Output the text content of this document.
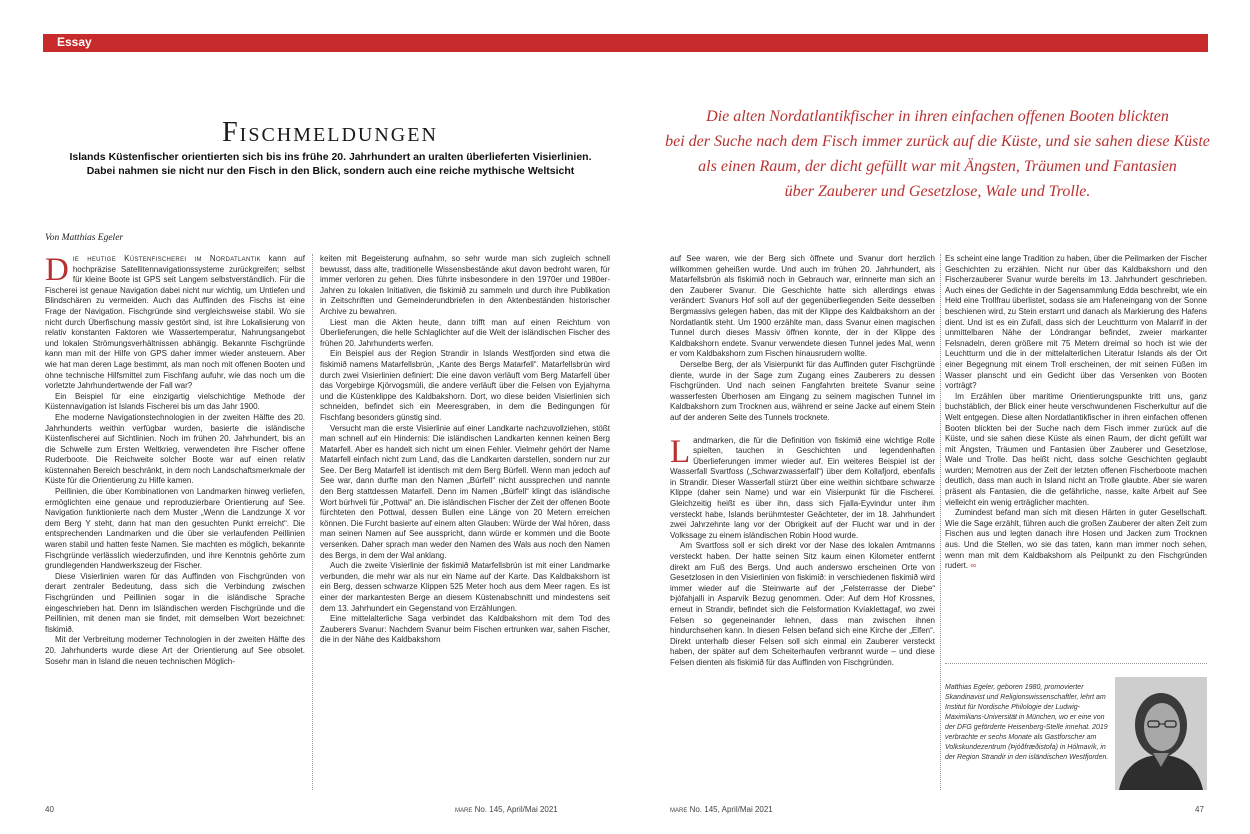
Essay
Fischmeldungen
Islands Küstenfischer orientierten sich bis ins frühe 20. Jahrhundert an uralten überlieferten Visierlinien.
Dabei nahmen sie nicht nur den Fisch in den Blick, sondern auch eine reiche mythische Weltsicht
Von Matthias Egeler
Die alten Nordatlantikfischer in ihren einfachen offenen Booten blickten
bei der Suche nach dem Fisch immer zurück auf die Küste, und sie sahen diese Küste
als einen Raum, der dicht gefüllt war mit Ängsten, Träumen und Fantasien
über Zauberer und Gesetzlose, Wale und Trolle.

Die heutige Küstenfischerei im Nordatlantik kann auf hochpräzise Satellitennavigationssysteme zurückgreifen; selbst für kleine Boote ist GPS seit Langem selbstverständlich. Für die Fischerei ist genaue Navigation dabei nicht nur wichtig, um Untiefen und Blindschären zu vermeiden. Auch das Auffinden des Fischs ist eine Frage der Navigation. Fischgründe sind vergleichsweise stabil. Wo sie nicht durch Überfischung massiv gestört sind, ist ihre Lokalisierung von relativ konstanten Faktoren wie Wassertemperatur, Nahrungsangebot und lokalen Strömungsverhältnissen abhängig. Bekannte Fischgründe kann man mit der Hilfe von GPS daher immer wieder ansteuern. Aber wie hat man deren Lage bestimmt, als man noch mit offenen Booten und ohne technische Hilfsmittel zum Fischfang aufuhr, wie das noch um die vorletzte Jahrhundertwende der Fall war?

Ein Beispiel für eine einzigartig vielschichtige Methode der Küstennavigation ist Islands Fischerei bis um das Jahr 1900.

Ehe moderne Navigationstechnologien in der zweiten Hälfte des 20. Jahrhunderts weithin verfügbar wurden, basierte die isländische Küstenfischerei auf Sichtlinien. Noch im frühen 20. Jahrhundert, bis an die Schwelle zum Ersten Weltkrieg, verwendeten ihre Fischer offene Ruderboote. Die Reichweite solcher Boote war auf einen relativ küstennahen Bereich beschränkt, in dem noch Landschaftsmerkmale der Küste für die Orientierung zu Hilfe kamen.

Peillinien, die über Kombinationen von Landmarken hinweg verliefen, ermöglichten eine genaue und reproduzierbare Orientierung auf See. Navigation funktionierte nach dem Muster „Wenn die Landzunge X vor dem Berg Y steht, dann hat man den gesuchten Punkt erreicht“. Die entsprechenden Landmarken und die über sie verlaufenden Peillinien waren stabil und hatten feste Namen. Sie machten es möglich, bekannte Fischgründe verlässlich wiederzufinden, und ihre Kenntnis gehörte zum grundlegenden Handwerkszeug der Fischer.

Diese Visierlinien waren für das Auffinden von Fischgründen von derart zentraler Bedeutung, dass sich die Verbindung zwischen Fischgründen und Peillinien sogar in die isländische Sprache eingeschrieben hat. Denn im Isländischen werden Fischgründe und die Peillinien, mit denen man sie findet, mit demselben Wort bezeichnet: fiskimið.

Mit der Verbreitung moderner Technologien in der zweiten Hälfte des 20. Jahrhunderts wurde diese Art der Orientierung auf See obsolet. Sosehr man in Island die neuen technischen Möglich-

keiten mit Begeisterung aufnahm, so sehr wurde man sich zugleich schnell bewusst, dass alte, traditionelle Wissensbestände akut davon bedroht waren, für immer verloren zu gehen. Dies führte insbesondere in den 1970er und 1980er-Jahren zu lokalen Initiativen, die fiskimið zu sammeln und durch ihre Publikation in Zeitschriften und Gemeinderundbriefen in den Aktenbeständen historischer Archive zu bewahren.

Liest man die Akten heute, dann trifft man auf einen Reichtum von Überlieferungen, die helle Schlaglichter auf die Welt der isländischen Fischer des frühen 20. Jahrhunderts werfen.

Ein Beispiel aus der Region Strandir in Islands Westfjorden sind etwa die fiskimið namens Matarfellsbrún, „Kante des Bergs Matarfell“. Matarfellsbrún wird durch zwei Visierlinien definiert: Die eine davon verläuft vom Berg Matarfell über das Vorgebirge Kjörvogsmúli, die andere verläuft über die Felsen von Eyjahyrna und die Küstenklippe des Kaldbakshorn. Dort, wo diese beiden Visierlinien sich schneiden, befindet sich ein Meeresgraben, in dem die Bedingungen für Fischfang besonders günstig sind.

Versucht man die erste Visierlinie auf einer Landkarte nachzuvollziehen, stößt man schnell auf ein Hindernis: Die isländischen Landkarten kennen keinen Berg Matarfell. Aber es handelt sich nicht um einen Fehler. Vielmehr gehört der Name Matarfell einfach nicht zum Land, das die Landkarten darstellen, sondern nur zur See. Der Berg Matarfell ist identisch mit dem Berg Búrfell. Wenn man jedoch auf See war, dann durfte man den Namen „Búrfell“ nicht aussprechen und nannte den Berg stattdessen Matarfell. Denn im Namen „Búrfell“ klingt das isländische Wort búrhveli für „Pottwal“ an. Die isländischen Fischer der Zeit der offenen Boote fürchteten den Pottwal, dessen Bullen eine Länge von 20 Metern erreichen können. Die Furcht basierte auf einem alten Glauben: Würde der Wal hören, dass man seinen Namen auf See ausspricht, dann würde er kommen und die Boote versenken. Daher sprach man weder den Namen des Wals aus noch den Namen des Bergs, in dem der Wal anklang.

Auch die zweite Visierlinie der fiskimið Matarfellsbrún ist mit einer Landmarke verbunden, die mehr war als nur ein Name auf der Karte. Das Kaldbakshorn ist ein Berg, dessen schwarze Klippen 525 Meter hoch aus dem Meer ragen. Es ist einer der markantesten Berge an diesem Küstenabschnitt und mindestens seit dem 13. Jahrhundert ein Gegenstand von Erzählungen.

Eine mittelalterliche Saga verbindet das Kaldbakshorn mit dem Tod des Zauberers Svanur: Nachdem Svanur beim Fischen ertrunken war, sahen Fischer, die in der Nähe des Kaldbakshorn

auf See waren, wie der Berg sich öffnete und Svanur dort herzlich willkommen geheißen wurde. Und auch im frühen 20. Jahrhundert, als Matarfellsbrún als fiskimið noch in Gebrauch war, erinnerte man sich an den Zauberer Svanur. Die Geschichte hatte sich allerdings etwas verändert: Svanurs Hof soll auf der gegenüberliegenden Seite desselben Bergmassivs gelegen haben, das mit der Klippe des Kaldbakshorn an der Nordatlantik steht. Um 1900 erzählte man, dass Svanur einen magischen Tunnel durch dieses Massiv öffnen konnte, der in der Klippe des Kaldbakshorn endete. Svanur verwendete diesen Tunnel jedes Mal, wenn er vom Kaldbakshorn zum Fischen hinausrudern wollte.

Derselbe Berg, der als Visierpunkt für das Auffinden guter Fischgründe diente, wurde in der Sage zum Zugang eines Zauberers zu dessen Fischgründen. Und nach seinen Fangfahrten breitete Svanur seine wasserfesten Überhosen am Eingang zu seinem magischen Tunnel im Kaldbakshorn zum Trocknen aus, während er seine Jacke auf einem Stein auf der anderen Seite des Tunnels trocknete.

Landmarken, die für die Definition von fiskimið eine wichtige Rolle spielten, tauchen in Geschichten und legendenhaften Überlieferungen immer wieder auf. Ein weiteres Beispiel ist der Wasserfall Svartfoss („Schwarzwasserfall“) über dem Kollafjord, ebenfalls in Strandir. Dieser Wasserfall stürzt über eine weithin sichtbare schwarze Klippe (daher sein Name) und war ein Visierpunkt für die Fischerei. Gleichzeitig heißt es über ihn, dass sich Fjalla-Eyvindur unter ihm versteckt habe, Islands berühmtester Geächteter, der im 18. Jahrhundert zwei Jahrzehnte lang vor der Obrigkeit auf der Flucht war und in der Volkssage zu einem isländischen Robin Hood wurde.

Am Svartfoss soll er sich direkt vor der Nase des lokalen Amtmanns versteckt haben. Der hatte seinen Sitz kaum einen Kilometer entfernt direkt am Fuß des Bergs. Und auch anderswo erscheinen Orte von Gesetzlosen in den Visierlinien von fiskimið: in verschiedenen fiskimið wird immer wieder auf die Steinwarte auf der „Felsterrasse der Diebe“ Þjófahjalli in Asparvík Bezug genommen. Oder: Auf dem Hof Krossnes, erneut in Strandir, befindet sich die Felsformation Kvíaklettagaf, wo zwei Felsen so gegeneinander lehnen, dass man zwischen ihnen hindurchsehen kann. In diesen Felsen befand sich eine Kirche der „Elfen“. Direkt unterhalb dieser Felsen soll sich einmal ein Zauberer versteckt haben, der später auf dem Scheiterhaufen verbrannt wurde – und diese Felsen dienten als fiskimið für das Auffinden von Fischgründen.

Es scheint eine lange Tradition zu haben, über die Peilmarken der Fischer Geschichten zu erzählen. Nicht nur über das Kaldbakshorn und den Fischerzauberer Svanur wurde bereits im 13. Jahrhundert geschrieben. Auch eines der Gedichte in der Sagensammlung Edda beschreibt, wie ein Held eine Trollfrau überlistet, sodass sie am Hafeneingang von der Sonne beschienen wird, zu Stein erstarrt und danach als Markierung des Hafens dient. Und ist es ein Zufall, dass sich der Leuchtturm von Malarrif in der unmittelbaren Nähe der Lóndrangar befindet, zweier markanter Felsnadeln, deren größere mit 75 Metern dreimal so hoch ist wie der Leuchtturm und die in der mittelalterlichen Literatur Islands als der Ort einer Begegnung mit einem Troll erscheinen, der mit seinen Füßen im Wasser planscht und ein Gedicht über das Versenken von Booten vorträgt?

Im Erzählen über maritime Orientierungspunkte tritt uns, ganz buchstäblich, der Blick einer heute verschwundenen Fischerkultur auf die Welt entgegen. Diese alten Nordatlantikfischer in ihren einfachen offenen Booten blickten bei der Suche nach dem Fisch immer zurück auf die Küste, und sie sahen diese Küste als einen Raum, der dicht gefüllt war mit Ängsten, Träumen und Fantasien über Zauberer und Gesetzlose, Wale und Trolle. Das heißt nicht, dass solche Geschichten geglaubt wurden; Memotren aus der Zeit der letzten offenen Fischerboote machen deutlich, dass man auch in Island nicht an Trolle glaubte. Aber sie waren präsent als Fantasien, die die gefährliche, nasse, kalte Arbeit auf See vielleicht ein wenig erträglicher machten.

Zumindest befand man sich mit diesen Härten in guter Gesellschaft. Wie die Sage erzählt, führen auch die großen Zauberer der alten Zeit zum Fischen aus und legten danach ihre Hosen und Jacken zum Trocknen aus. Und die Stellen, wo sie das taten, kann man immer noch sehen, wenn man mit dem Kaldbakshorn als Peilpunkt zu den Fischgründen rudert. ∞

Matthias Egeler, geboren 1980, promovierter Skandinavist und Religionswissenschaftler, lehrt am Institut für Nordische Philologie der Ludwig-Maximilians-Universität in München, wo er eine von der DFG geförderte Heisenberg-Stelle innehat. 2019 verbrachte er sechs Monate als Gastforscher am Volkskundezentrum (Þjóðfræðistofa) in Hólmavík, in der Region Strandir in den isländischen Westfjorden.
40	mare No. 145, April/Mai 2021	mare No. 145, April/Mai 2021	47
